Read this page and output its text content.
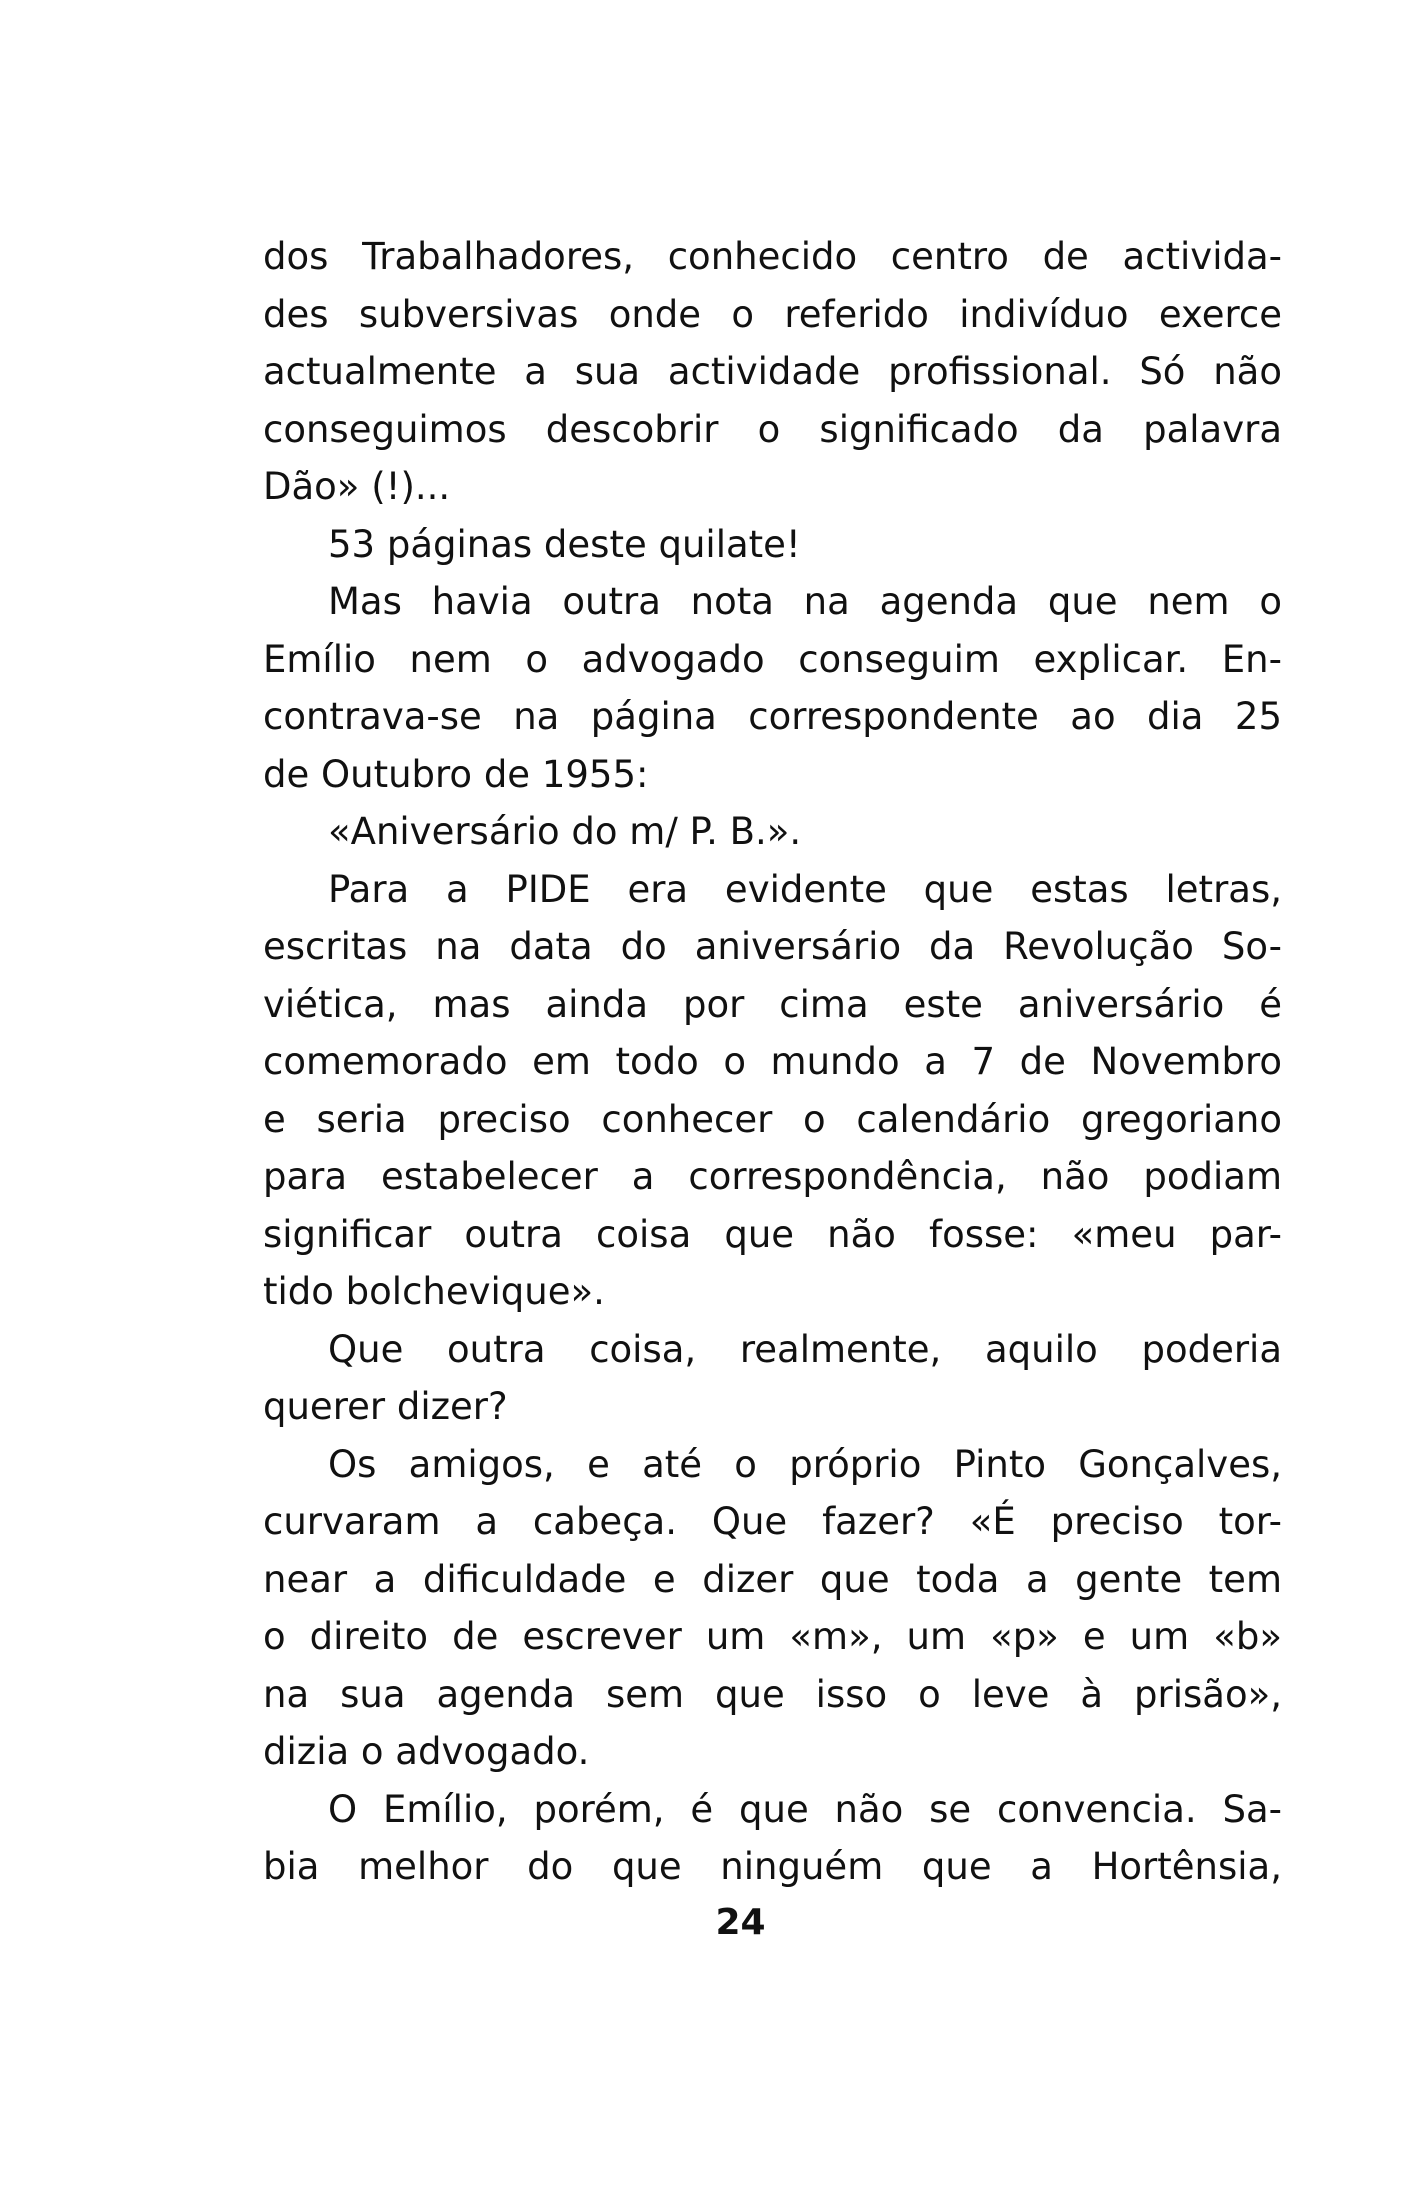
dos Trabalhadores, conhecido centro de activida-
des subversivas onde o referido indivíduo exerce
actualmente a sua actividade profissional. Só não
conseguimos descobrir o significado da palavra
Dão» (!)...
53 páginas deste quilate!
Mas havia outra nota na agenda que nem o
Emílio nem o advogado conseguim explicar. En-
contrava-se na página correspondente ao dia 25
de Outubro de 1955:
«Aniversário do m/ P. B.».
Para a PIDE era evidente que estas letras,
escritas na data do aniversário da Revolução So-
viética, mas ainda por cima este aniversário é
comemorado em todo o mundo a 7 de Novembro
e seria preciso conhecer o calendário gregoriano
para estabelecer a correspondência, não podiam
significar outra coisa que não fosse: «meu par-
tido bolchevique».
Que outra coisa, realmente, aquilo poderia
querer dizer?
Os amigos, e até o próprio Pinto Gonçalves,
curvaram a cabeça. Que fazer? «É preciso tor-
near a dificuldade e dizer que toda a gente tem
o direito de escrever um «m», um «p» e um «b»
na sua agenda sem que isso o leve à prisão»,
dizia o advogado.
O Emílio, porém, é que não se convencia. Sa-
bia melhor do que ninguém que a Hortênsia,
24
